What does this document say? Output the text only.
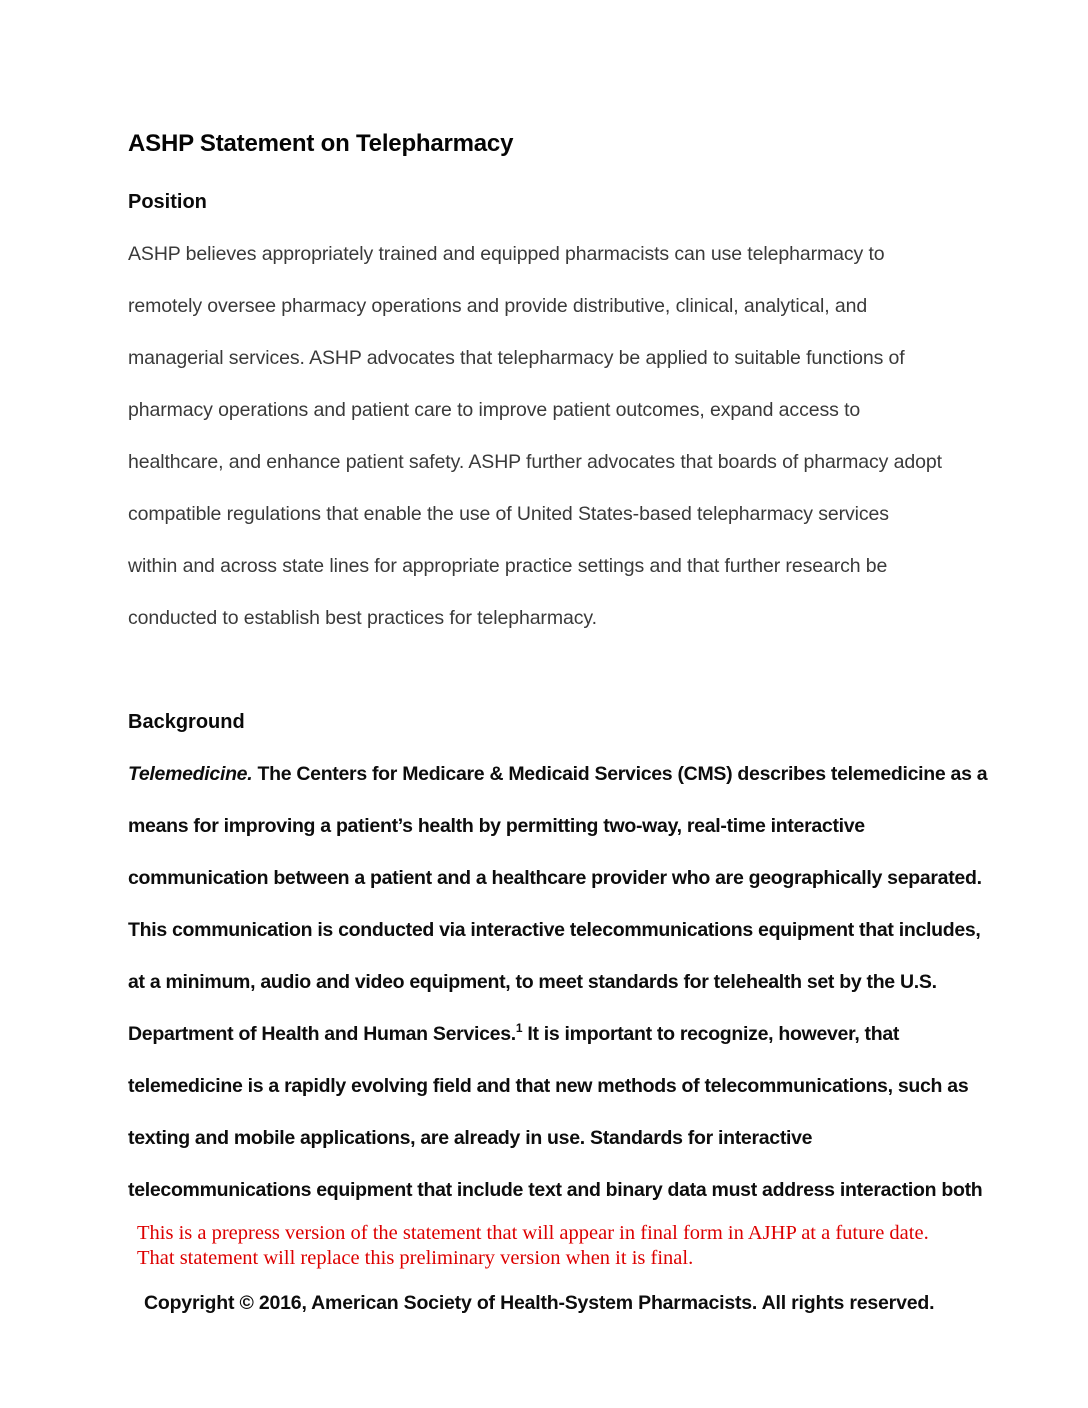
ASHP Statement on Telepharmacy
Position
ASHP believes appropriately trained and equipped pharmacists can use telepharmacy to
remotely oversee pharmacy operations and provide distributive, clinical, analytical, and
managerial services. ASHP advocates that telepharmacy be applied to suitable functions of
pharmacy operations and patient care to improve patient outcomes, expand access to
healthcare, and enhance patient safety. ASHP further advocates that boards of pharmacy adopt
compatible regulations that enable the use of United States-based telepharmacy services
within and across state lines for appropriate practice settings and that further research be
conducted to establish best practices for telepharmacy.
Background
Telemedicine. The Centers for Medicare & Medicaid Services (CMS) describes telemedicine as a
means for improving a patient’s health by permitting two-way, real-time interactive
communication between a patient and a healthcare provider who are geographically separated.
This communication is conducted via interactive telecommunications equipment that includes,
at a minimum, audio and video equipment, to meet standards for telehealth set by the U.S.
Department of Health and Human Services.$^1$ It is important to recognize, however, that
telemedicine is a rapidly evolving field and that new methods of telecommunications, such as
texting and mobile applications, are already in use. Standards for interactive
telecommunications equipment that include text and binary data must address interaction both
This is a prepress version of the statement that will appear in final form in AJHP at a future date.
That statement will replace this preliminary version when it is final.
Copyright © 2016, American Society of Health-System Pharmacists. All rights reserved.
